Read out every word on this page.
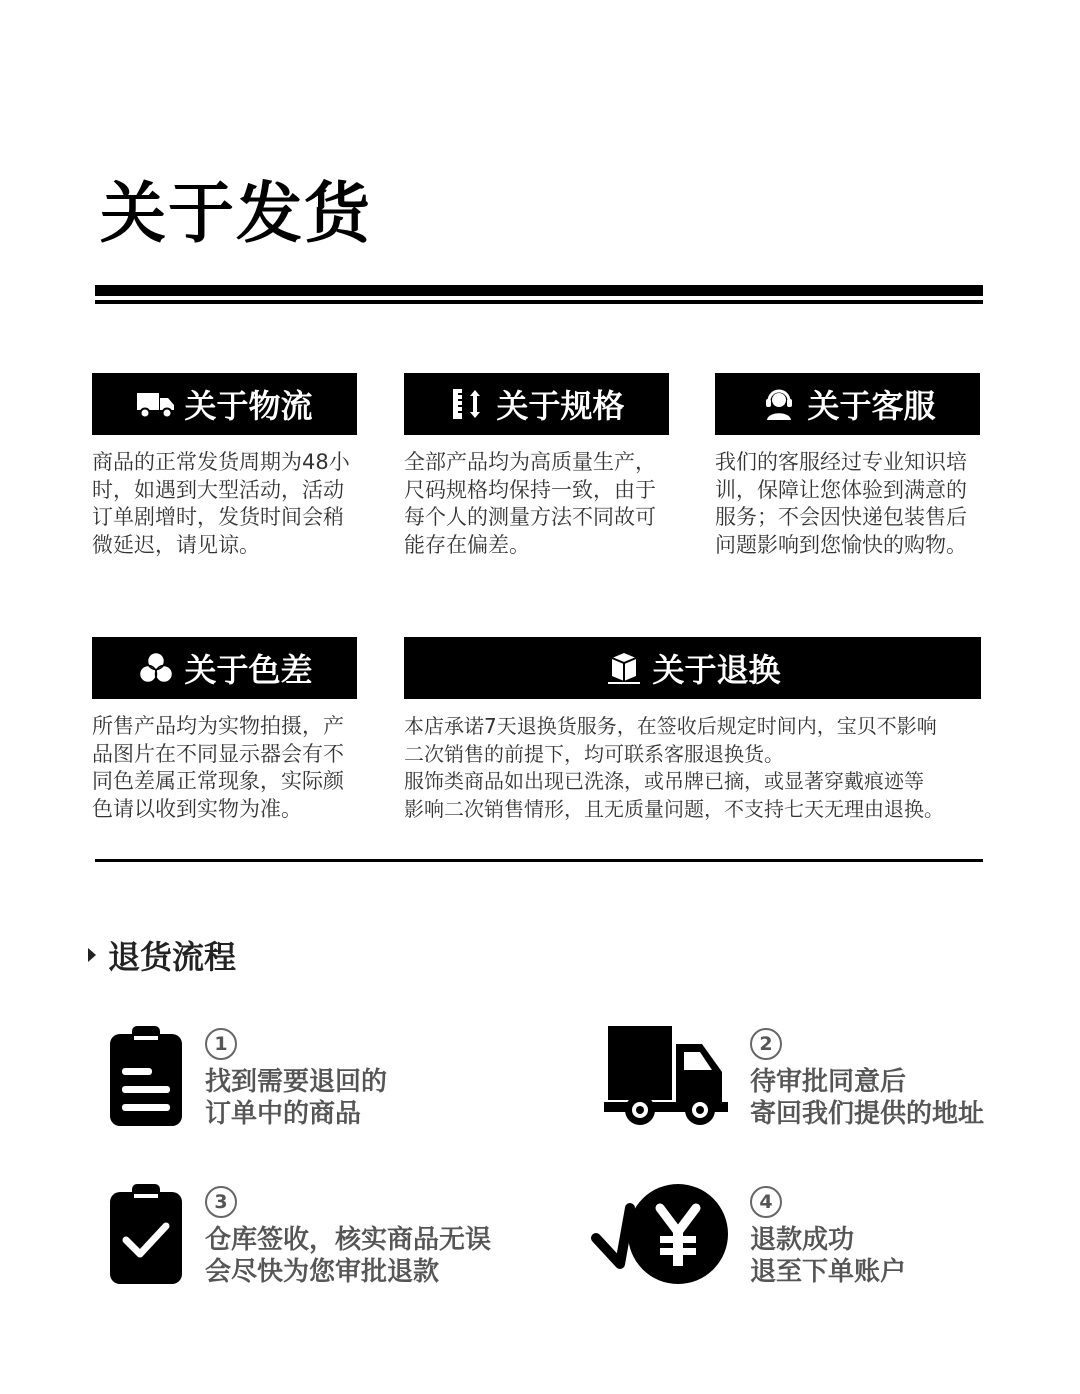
关于发货
关于物流
商品的正常发货周期为48小
时，如遇到大型活动，活动
订单剧增时，发货时间会稍
微延迟，请见谅。
关于规格
全部产品均为高质量生产，
尺码规格均保持一致，由于
每个人的测量方法不同故可
能存在偏差。
关于客服
我们的客服经过专业知识培
训，保障让您体验到满意的
服务；不会因快递包装售后
问题影响到您愉快的购物。
关于色差
所售产品均为实物拍摄，产
品图片在不同显示器会有不
同色差属正常现象，实际颜
色请以收到实物为准。
关于退换
本店承诺7天退换货服务，在签收后规定时间内，宝贝不影响
二次销售的前提下，均可联系客服退换货。
服饰类商品如出现已洗涤，或吊牌已摘，或显著穿戴痕迹等
影响二次销售情形，且无质量问题，不支持七天无理由退换。
退货流程
1
找到需要退回的
订单中的商品
2
待审批同意后
寄回我们提供的地址
3
仓库签收，核实商品无误
会尽快为您审批退款
4
退款成功
退至下单账户
